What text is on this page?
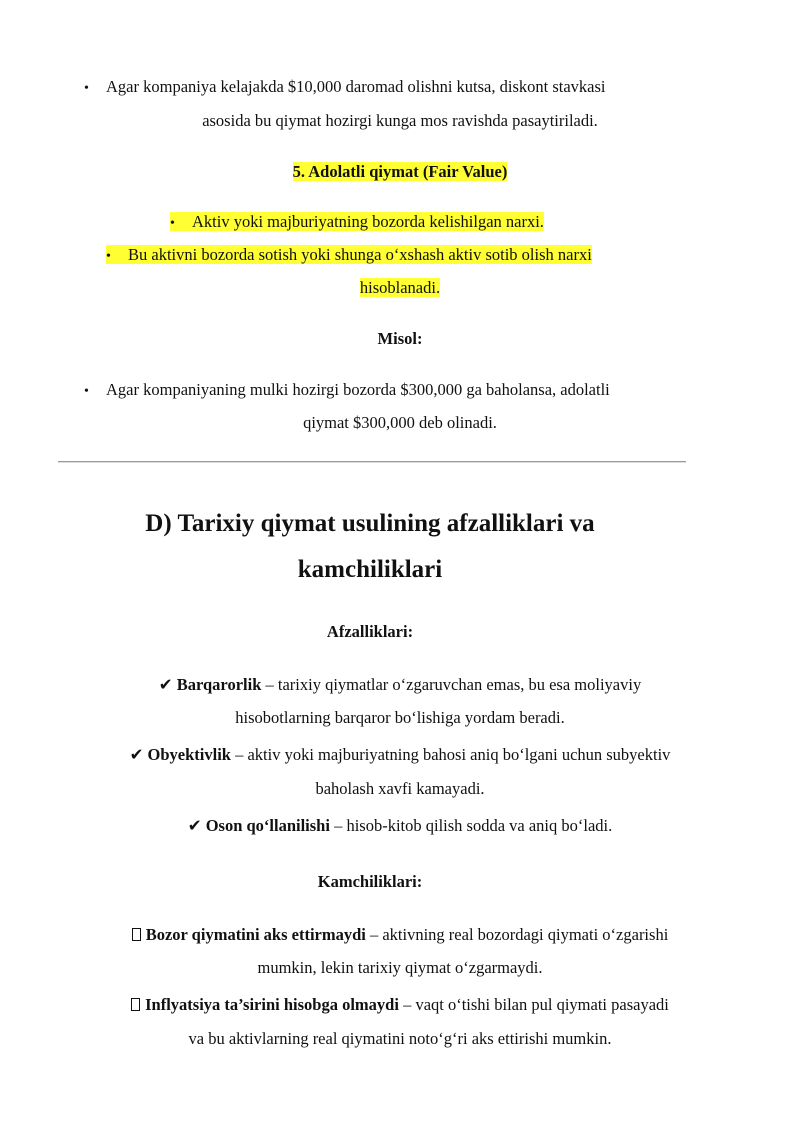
• Agar kompaniya kelajakda $10,000 daromad olishni kutsa, diskont stavkasi
asosida bu qiymat hozirgi kunga mos ravishda pasaytiriladi.
5. Adolatli qiymat (Fair Value)
• Aktiv yoki majburiyatning bozorda kelishilgan narxi.
• Bu aktivni bozorda sotish yoki shunga o‘xshash aktiv sotib olish narxi
hisoblanadi.
Misol:
• Agar kompaniyaning mulki hozirgi bozorda $300,000 ga baholansa, adolatli
qiymat $300,000 deb olinadi.
D) Tarixiy qiymat usulining afzalliklari va
kamchiliklari
Afzalliklari:
✔ Barqarorlik – tarixiy qiymatlar o‘zgaruvchan emas, bu esa moliyaviy
hisobotlarning barqaror bo‘lishiga yordam beradi.
✔ Obyektivlik – aktiv yoki majburiyatning bahosi aniq bo‘lgani uchun subyektiv
baholash xavfi kamayadi.
✔ Oson qo‘llanilishi – hisob-kitob qilish sodda va aniq bo‘ladi.
Kamchiliklari:
Bozor qiymatini aks ettirmaydi – aktivning real bozordagi qiymati o‘zgarishi
mumkin, lekin tarixiy qiymat o‘zgarmaydi.
Inflyatsiya ta’sirini hisobga olmaydi – vaqt o‘tishi bilan pul qiymati pasayadi
va bu aktivlarning real qiymatini noto‘g‘ri aks ettirishi mumkin.
